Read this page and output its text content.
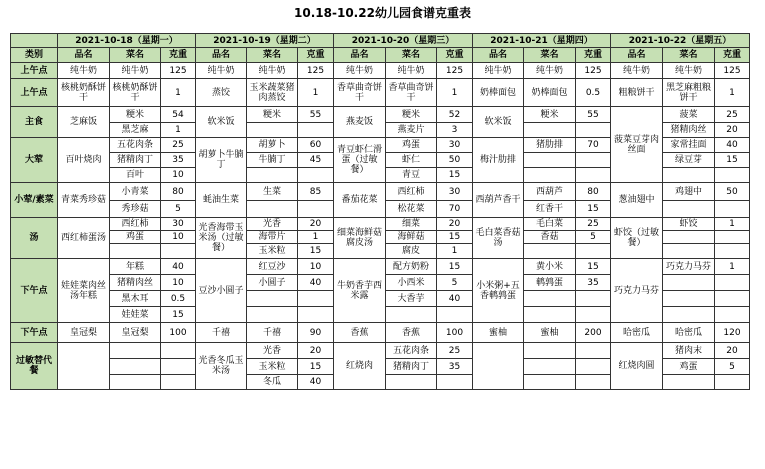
10.18-10.22幼儿园食谱克重表
	2021-10-18（星期一）			2021-10-19（星期二）			2021-10-20（星期三）			2021-10-21（星期四）			2021-10-22（星期五）		
类别	品名	菜名	克重	品名	菜名	克重	品名	菜名	克重	品名	菜名	克重	品名	菜名	克重
上午点	纯牛奶	纯牛奶	125	纯牛奶	纯牛奶	125	纯牛奶	纯牛奶	125	纯牛奶	纯牛奶	125	纯牛奶	纯牛奶	125
上午点	核桃奶酥饼干	核桃奶酥饼干	1	蒸饺	玉米蔬菜猪肉蒸饺	1	香草曲奇饼干	香草曲奇饼干	1	奶棒面包	奶棒面包	0.5	粗粮饼干	黑芝麻粗粮饼干	1
主食	芝麻饭	粳米	54	软米饭	粳米	55	燕麦饭	粳米	52	软米饭	粳米	55	菠菜豆芽肉丝面	菠菜	25
		黑芝麻	1					燕麦片	3					猪精肉丝	20
大荤	百叶烧肉	五花肉条	25	胡萝卜牛腩丁	胡萝卜	60	青豆虾仁滑蛋（过敏餐）	鸡蛋	30	梅汁肋排	猪肋排	70		家常挂面	40
		猪精肉丁	35		牛腩丁	45		虾仁	50					绿豆芽	15
		百叶	10					青豆	15						
小荤/素菜	青菜秀珍菇	小青菜	80	蚝油生菜	生菜	85	番茄花菜	西红柿	30	西葫芦香干	西葫芦	80	葱油翅中	鸡翅中	50
		秀珍菇	5					松花菜	70		红香干	15			
汤	西红柿蛋汤	西红柿	30	光香海带玉米汤（过敏餐）	光香	20	细菜海鲜菇腐皮汤	细菜	20	毛白菜香菇汤	毛白菜	25	虾饺（过敏餐）	虾饺	1
		鸡蛋	10		海带片	1		海鲜菇	15		香菇	5			
					玉米粒	15		腐皮	1						
下午点	娃娃菜肉丝汤年糕	年糕	40	豆沙小圆子	红豆沙	10	牛奶香芋西米露	配方奶粉	15	小米粥+五香鹌鹑蛋	黄小米	15	巧克力马芬	巧克力马芬	1
		猪精肉丝	10		小圆子	40		小西米	5		鹌鹑蛋	35			
		黑木耳	0.5					大香芋	40						
		娃娃菜	15												
下午点	皇冠梨	皇冠梨	100	千禧	千禧	90	香蕉	香蕉	100	蜜柚	蜜柚	200	哈密瓜	哈密瓜	120
过敏替代餐				光香冬瓜玉米汤	光香	20	红烧肉	五花肉条	25				红烧肉圆	猪肉末	20
					玉米粒	15		猪精肉丁	35					鸡蛋	5
					冬瓜	40									
